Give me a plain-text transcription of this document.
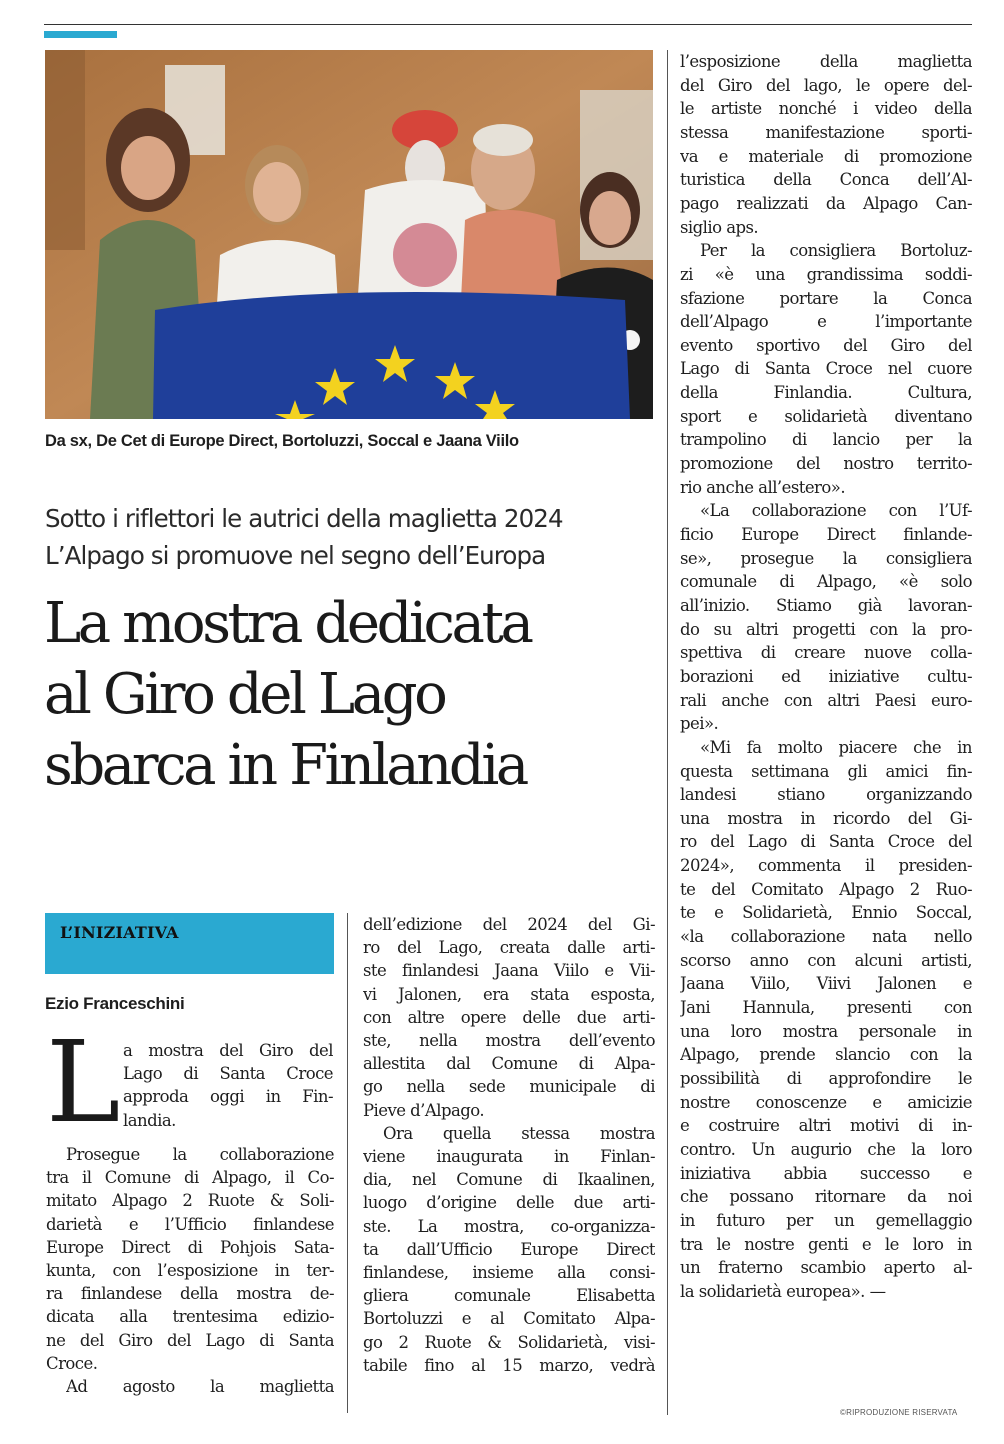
Da sx, De Cet di Europe Direct, Bortoluzzi, Soccal e Jaana Viilo
Sotto i riflettori le autrici della maglietta 2024
L’Alpago si promuove nel segno dell’Europa
La mostra dedicata
al Giro del Lago
sbarca in Finlandia
L’INIZIATIVA
Ezio Franceschini
L a mostra del Giro del
Lago di Santa Croce
approda oggi in Fin-
landia.
Prosegue la collaborazione
tra il Comune di Alpago, il Co-
mitato Alpago 2 Ruote & Soli-
darietà e l’Ufficio finlandese
Europe Direct di Pohjois Sata-
kunta, con l’esposizione in ter-
ra finlandese della mostra de-
dicata alla trentesima edizio-
ne del Giro del Lago di Santa
Croce.
Ad agosto la maglietta
dell’edizione del 2024 del Gi-
ro del Lago, creata dalle arti-
ste finlandesi Jaana Viilo e Vii-
vi Jalonen, era stata esposta,
con altre opere delle due arti-
ste, nella mostra dell’evento
allestita dal Comune di Alpa-
go nella sede municipale di
Pieve d’Alpago.
Ora quella stessa mostra
viene inaugurata in Finlan-
dia, nel Comune di Ikaalinen,
luogo d’origine delle due arti-
ste. La mostra, co-organizza-
ta dall’Ufficio Europe Direct
finlandese, insieme alla consi-
gliera comunale Elisabetta
Bortoluzzi e al Comitato Alpa-
go 2 Ruote & Solidarietà, visi-
tabile fino al 15 marzo, vedrà
l’esposizione della maglietta
del Giro del lago, le opere del-
le artiste nonché i video della
stessa manifestazione sporti-
va e materiale di promozione
turistica della Conca dell’Al-
pago realizzati da Alpago Can-
siglio aps.
Per la consigliera Bortoluz-
zi «è una grandissima soddi-
sfazione portare la Conca
dell’Alpago e l’importante
evento sportivo del Giro del
Lago di Santa Croce nel cuore
della Finlandia. Cultura,
sport e solidarietà diventano
trampolino di lancio per la
promozione del nostro territo-
rio anche all’estero».
«La collaborazione con l’Uf-
ficio Europe Direct finlande-
se», prosegue la consigliera
comunale di Alpago, «è solo
all’inizio. Stiamo già lavoran-
do su altri progetti con la pro-
spettiva di creare nuove colla-
borazioni ed iniziative cultu-
rali anche con altri Paesi euro-
pei».
«Mi fa molto piacere che in
questa settimana gli amici fin-
landesi stiano organizzando
una mostra in ricordo del Gi-
ro del Lago di Santa Croce del
2024», commenta il presiden-
te del Comitato Alpago 2 Ruo-
te e Solidarietà, Ennio Soccal,
«la collaborazione nata nello
scorso anno con alcuni artisti,
Jaana Viilo, Viivi Jalonen e
Jani Hannula, presenti con
una loro mostra personale in
Alpago, prende slancio con la
possibilità di approfondire le
nostre conoscenze e amicizie
e costruire altri motivi di in-
contro. Un augurio che la loro
iniziativa abbia successo e
che possano ritornare da noi
in futuro per un gemellaggio
tra le nostre genti e le loro in
un fraterno scambio aperto al-
la solidarietà europea». —
©RIPRODUZIONE RISERVATA
